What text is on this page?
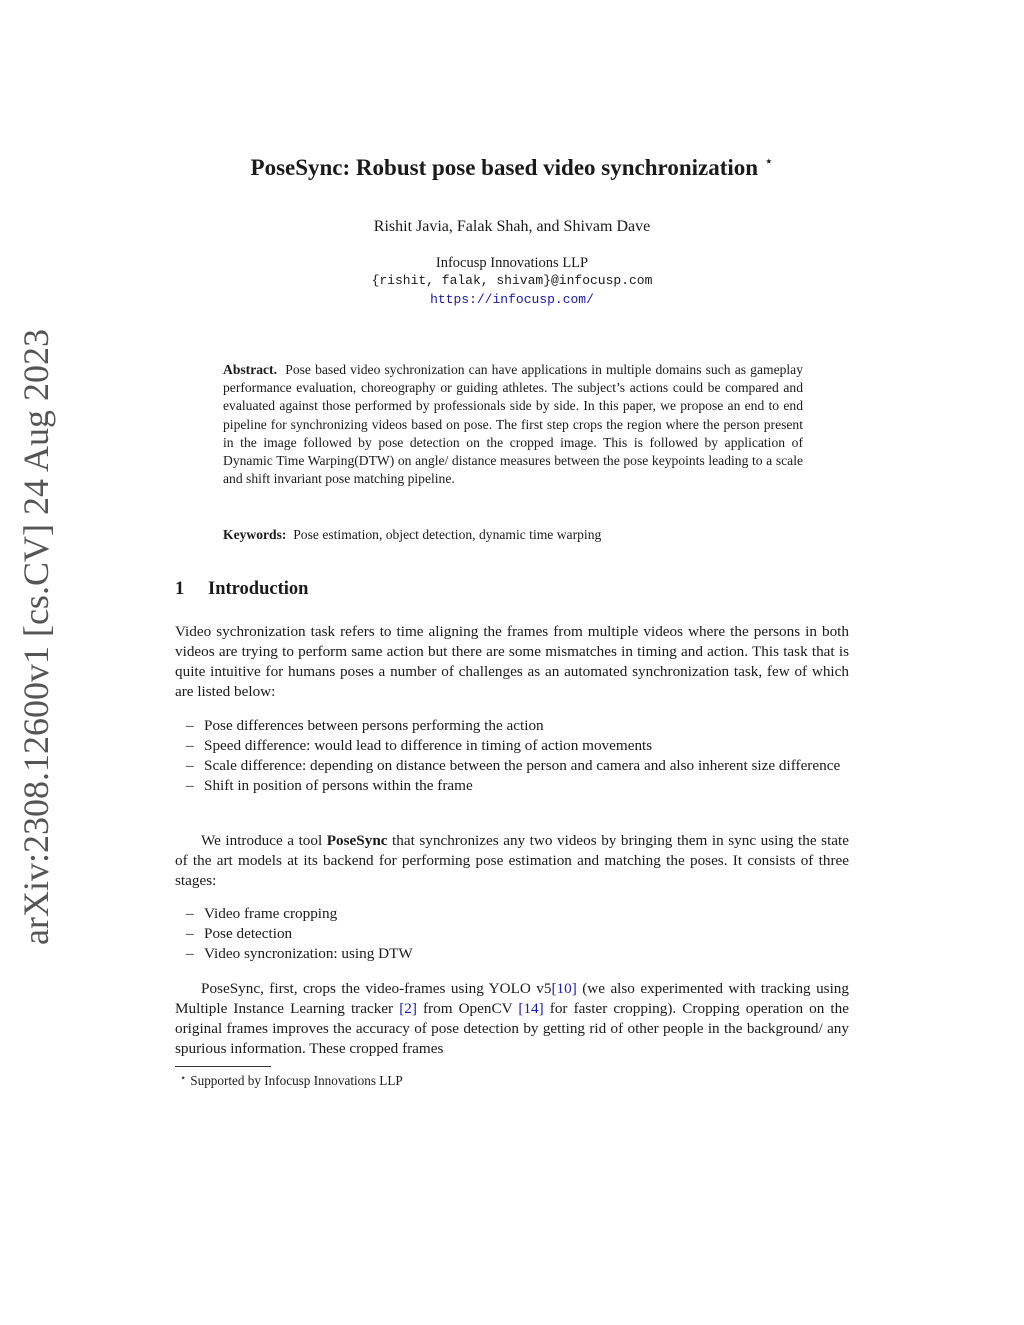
arXiv:2308.12600v1 [cs.CV] 24 Aug 2023
PoseSync: Robust pose based video synchronization ⋆
Rishit Javia, Falak Shah, and Shivam Dave
Infocusp Innovations LLP
{rishit, falak, shivam}@infocusp.com
https://infocusp.com/
Abstract. Pose based video sychronization can have applications in multiple domains such as gameplay performance evaluation, choreography or guiding athletes. The subject’s actions could be compared and evaluated against those performed by professionals side by side. In this paper, we propose an end to end pipeline for synchronizing videos based on pose. The first step crops the region where the person present in the image followed by pose detection on the cropped image. This is followed by application of Dynamic Time Warping(DTW) on angle/ distance measures between the pose keypoints leading to a scale and shift invariant pose matching pipeline.
Keywords: Pose estimation, object detection, dynamic time warping
1 Introduction
Video sychronization task refers to time aligning the frames from multiple videos where the persons in both videos are trying to perform same action but there are some mismatches in timing and action. This task that is quite intuitive for humans poses a number of challenges as an automated synchronization task, few of which are listed below:
– Pose differences between persons performing the action
– Speed difference: would lead to difference in timing of action movements
– Scale difference: depending on distance between the person and camera and also inherent size difference
– Shift in position of persons within the frame
We introduce a tool PoseSync that synchronizes any two videos by bringing them in sync using the state of the art models at its backend for performing pose estimation and matching the poses. It consists of three stages:
– Video frame cropping
– Pose detection
– Video syncronization: using DTW
PoseSync, first, crops the video-frames using YOLO v5[10] (we also experimented with tracking using Multiple Instance Learning tracker [2] from OpenCV [14] for faster cropping). Cropping operation on the original frames improves the accuracy of pose detection by getting rid of other people in the background/ any spurious information. These cropped frames
⋆ Supported by Infocusp Innovations LLP
